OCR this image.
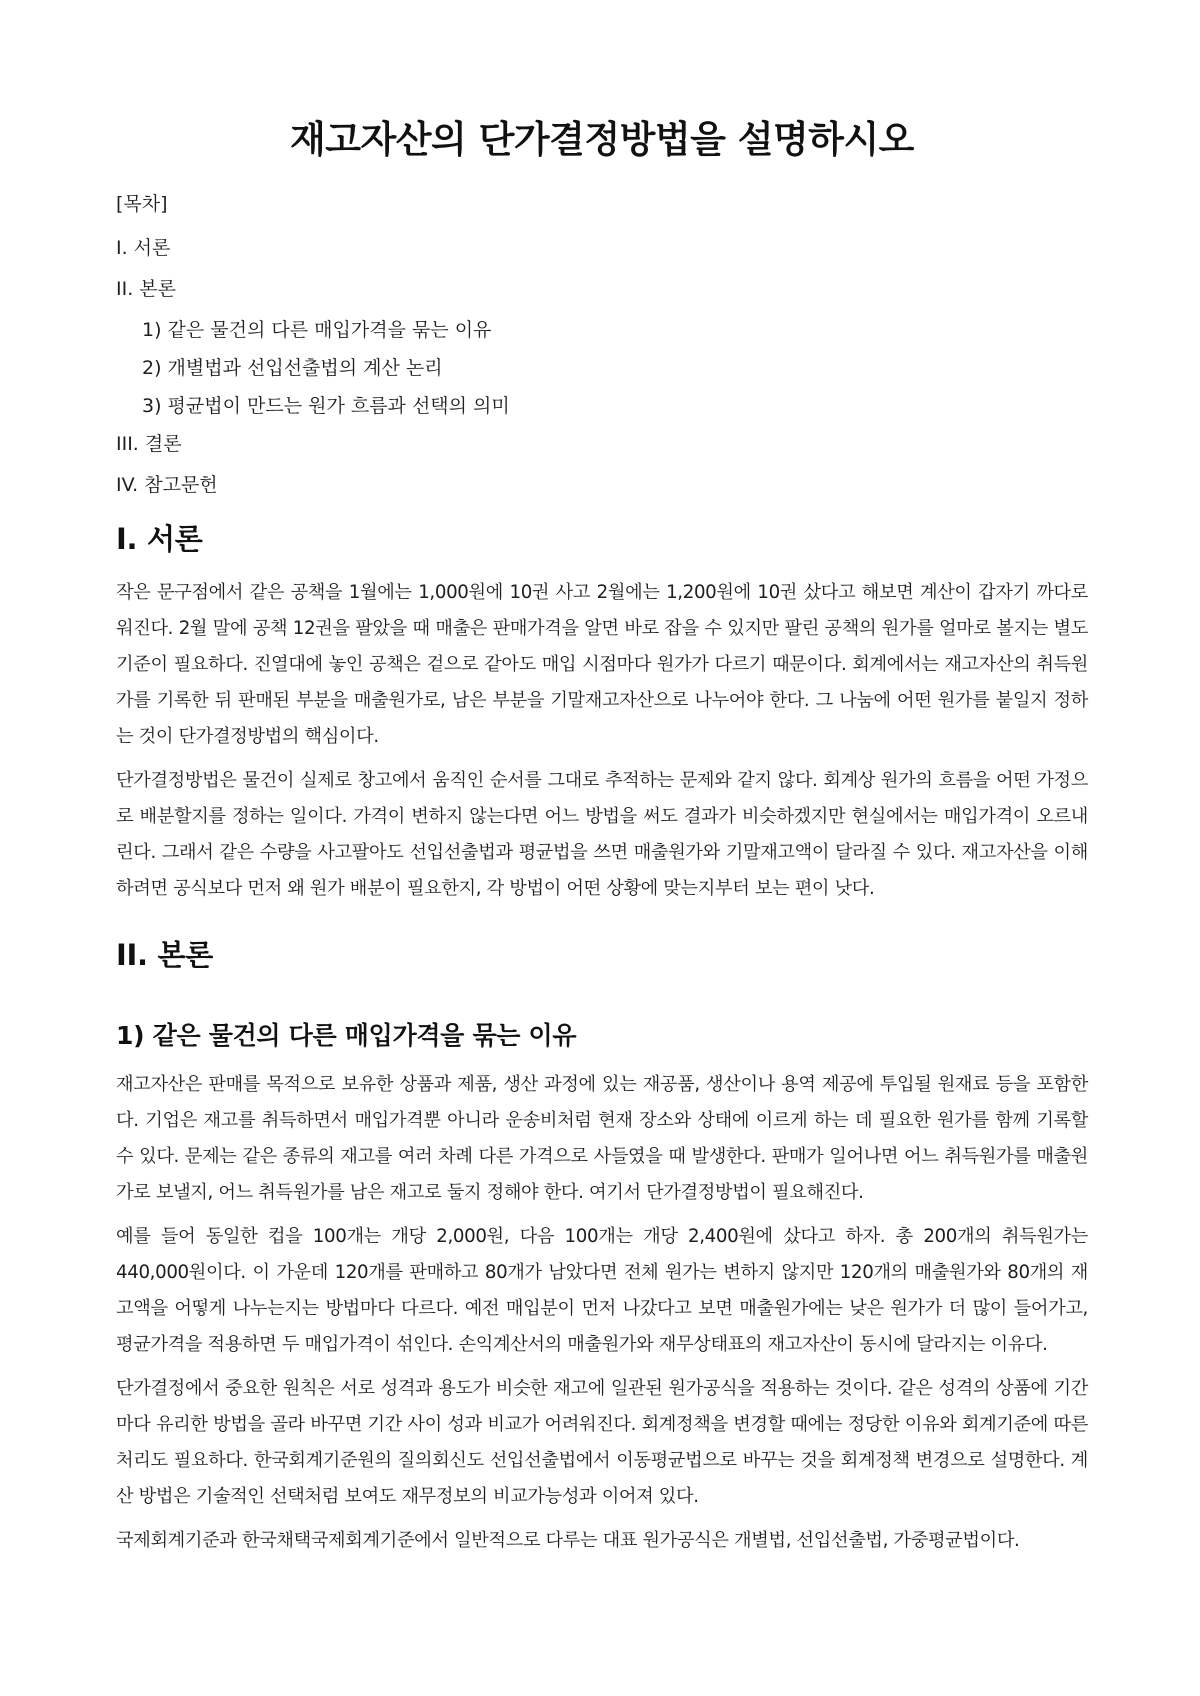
재고자산의 단가결정방법을 설명하시오
[목차]
I. 서론
II. 본론
1) 같은 물건의 다른 매입가격을 묶는 이유
2) 개별법과 선입선출법의 계산 논리
3) 평균법이 만드는 원가 흐름과 선택의 의미
III. 결론
IV. 참고문헌
I. 서론

작은 문구점에서 같은 공책을 1월에는 1,000원에 10권 사고 2월에는 1,200원에 10권 샀다고 해보면 계산이 갑자기 까다로워진다. 2월 말에 공책 12권을 팔았을 때 매출은 판매가격을 알면 바로 잡을 수 있지만 팔린 공책의 원가를 얼마로 볼지는 별도 기준이 필요하다. 진열대에 놓인 공책은 겉으로 같아도 매입 시점마다 원가가 다르기 때문이다. 회계에서는 재고자산의 취득원가를 기록한 뒤 판매된 부분을 매출원가로, 남은 부분을 기말재고자산으로 나누어야 한다. 그 나눔에 어떤 원가를 붙일지 정하는 것이 단가결정방법의 핵심이다.

단가결정방법은 물건이 실제로 창고에서 움직인 순서를 그대로 추적하는 문제와 같지 않다. 회계상 원가의 흐름을 어떤 가정으로 배분할지를 정하는 일이다. 가격이 변하지 않는다면 어느 방법을 써도 결과가 비슷하겠지만 현실에서는 매입가격이 오르내린다. 그래서 같은 수량을 사고팔아도 선입선출법과 평균법을 쓰면 매출원가와 기말재고액이 달라질 수 있다. 재고자산을 이해하려면 공식보다 먼저 왜 원가 배분이 필요한지, 각 방법이 어떤 상황에 맞는지부터 보는 편이 낫다.

II. 본론
1) 같은 물건의 다른 매입가격을 묶는 이유

재고자산은 판매를 목적으로 보유한 상품과 제품, 생산 과정에 있는 재공품, 생산이나 용역 제공에 투입될 원재료 등을 포함한다. 기업은 재고를 취득하면서 매입가격뿐 아니라 운송비처럼 현재 장소와 상태에 이르게 하는 데 필요한 원가를 함께 기록할 수 있다. 문제는 같은 종류의 재고를 여러 차례 다른 가격으로 사들였을 때 발생한다. 판매가 일어나면 어느 취득원가를 매출원가로 보낼지, 어느 취득원가를 남은 재고로 둘지 정해야 한다. 여기서 단가결정방법이 필요해진다.

예를 들어 동일한 컵을 100개는 개당 2,000원, 다음 100개는 개당 2,400원에 샀다고 하자. 총 200개의 취득원가는 440,000원이다. 이 가운데 120개를 판매하고 80개가 남았다면 전체 원가는 변하지 않지만 120개의 매출원가와 80개의 재고액을 어떻게 나누는지는 방법마다 다르다. 예전 매입분이 먼저 나갔다고 보면 매출원가에는 낮은 원가가 더 많이 들어가고, 평균가격을 적용하면 두 매입가격이 섞인다. 손익계산서의 매출원가와 재무상태표의 재고자산이 동시에 달라지는 이유다.

단가결정에서 중요한 원칙은 서로 성격과 용도가 비슷한 재고에 일관된 원가공식을 적용하는 것이다. 같은 성격의 상품에 기간마다 유리한 방법을 골라 바꾸면 기간 사이 성과 비교가 어려워진다. 회계정책을 변경할 때에는 정당한 이유와 회계기준에 따른 처리도 필요하다. 한국회계기준원의 질의회신도 선입선출법에서 이동평균법으로 바꾸는 것을 회계정책 변경으로 설명한다. 계산 방법은 기술적인 선택처럼 보여도 재무정보의 비교가능성과 이어져 있다.

국제회계기준과 한국채택국제회계기준에서 일반적으로 다루는 대표 원가공식은 개별법, 선입선출법, 가중평균법이다.
